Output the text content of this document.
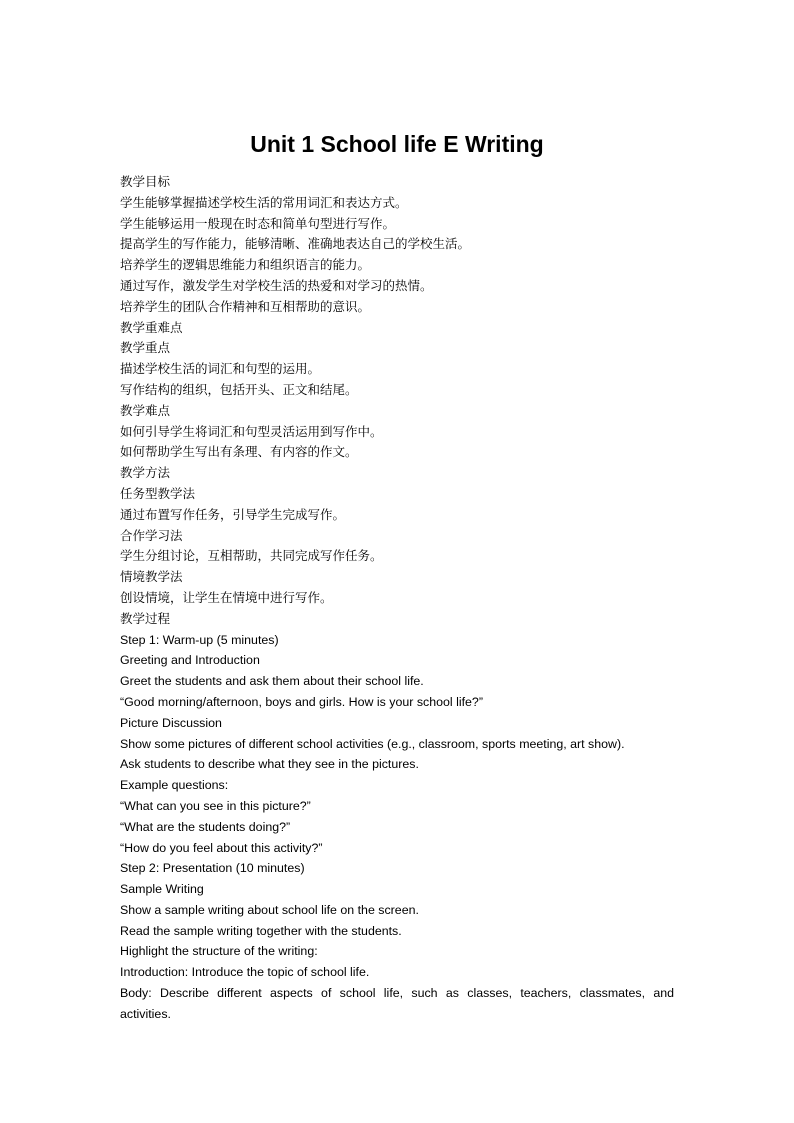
Unit 1 School life E Writing
教学目标
学生能够掌握描述学校生活的常用词汇和表达方式。
学生能够运用一般现在时态和简单句型进行写作。
提高学生的写作能力，能够清晰、准确地表达自己的学校生活。
培养学生的逻辑思维能力和组织语言的能力。
通过写作，激发学生对学校生活的热爱和对学习的热情。
培养学生的团队合作精神和互相帮助的意识。
教学重难点
教学重点
描述学校生活的词汇和句型的运用。
写作结构的组织，包括开头、正文和结尾。
教学难点
如何引导学生将词汇和句型灵活运用到写作中。
如何帮助学生写出有条理、有内容的作文。
教学方法
任务型教学法
通过布置写作任务，引导学生完成写作。
合作学习法
学生分组讨论，互相帮助，共同完成写作任务。
情境教学法
创设情境，让学生在情境中进行写作。
教学过程
Step 1: Warm-up (5 minutes)
Greeting and Introduction
Greet the students and ask them about their school life.
“Good morning/afternoon, boys and girls. How is your school life?”
Picture Discussion
Show some pictures of different school activities (e.g., classroom, sports meeting, art show).
Ask students to describe what they see in the pictures.
Example questions:
“What can you see in this picture?”
“What are the students doing?”
“How do you feel about this activity?”
Step 2: Presentation (10 minutes)
Sample Writing
Show a sample writing about school life on the screen.
Read the sample writing together with the students.
Highlight the structure of the writing:
Introduction: Introduce the topic of school life.
Body: Describe different aspects of school life, such as classes, teachers, classmates, and
activities.
